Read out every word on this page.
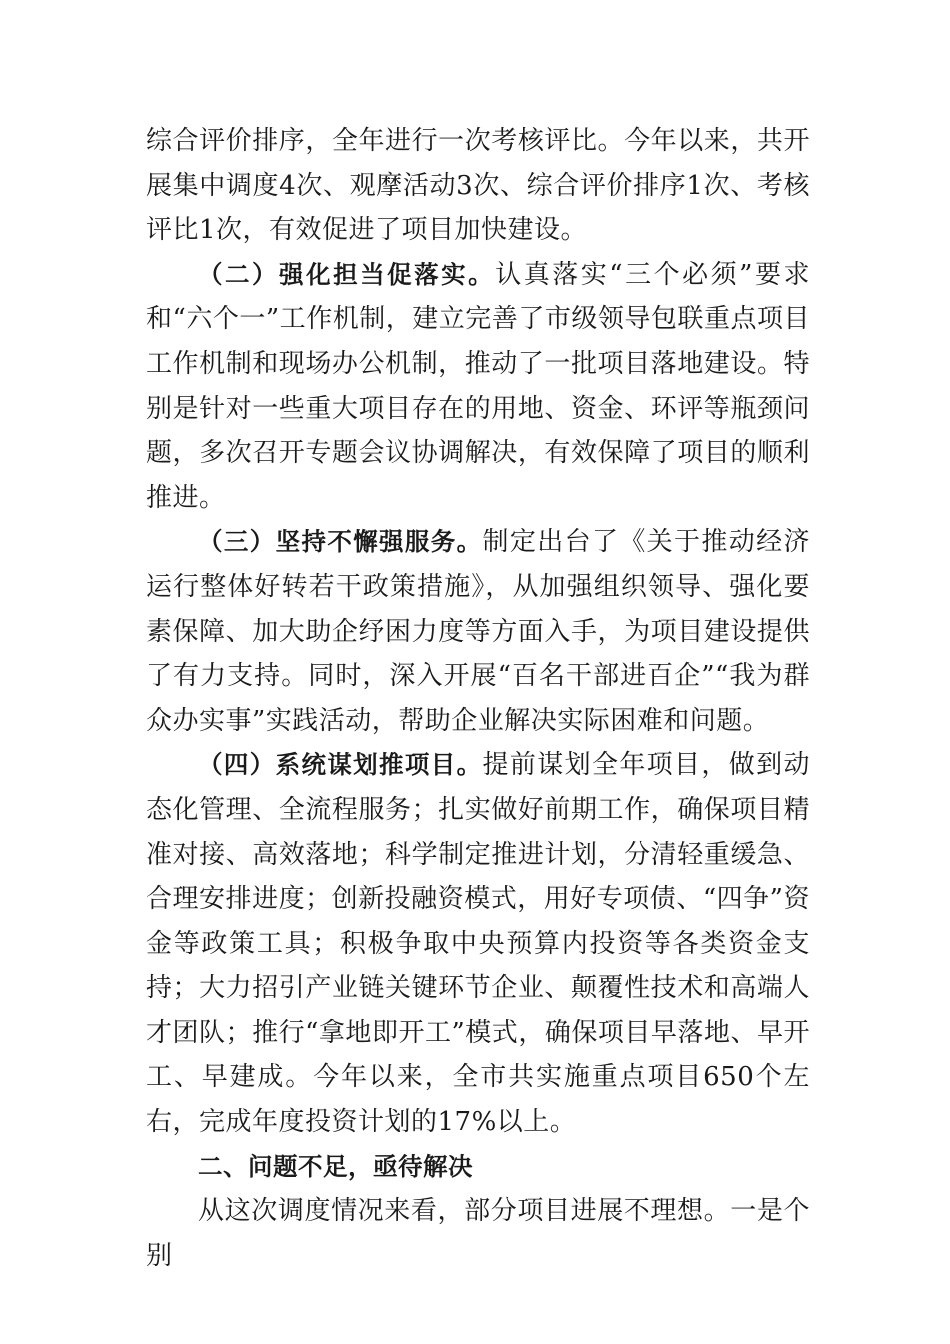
综合评价排序，全年进行一次考核评比。今年以来，共开展集中调度4次、观摩活动3次、综合评价排序1次、考核评比1次，有效促进了项目加快建设。

（二）强化担当促落实。认真落实“三个必须”要求和“六个一”工作机制，建立完善了市级领导包联重点项目工作机制和现场办公机制，推动了一批项目落地建设。特别是针对一些重大项目存在的用地、资金、环评等瓶颈问题，多次召开专题会议协调解决，有效保障了项目的顺利推进。

（三）坚持不懈强服务。制定出台了《关于推动经济运行整体好转若干政策措施》，从加强组织领导、强化要素保障、加大助企纾困力度等方面入手，为项目建设提供了有力支持。同时，深入开展“百名干部进百企”“我为群众办实事”实践活动，帮助企业解决实际困难和问题。

（四）系统谋划推项目。提前谋划全年项目，做到动态化管理、全流程服务；扎实做好前期工作，确保项目精准对接、高效落地；科学制定推进计划，分清轻重缓急、合理安排进度；创新投融资模式，用好专项债、“四争”资金等政策工具；积极争取中央预算内投资等各类资金支持；大力招引产业链关键环节企业、颠覆性技术和高端人才团队；推行“拿地即开工”模式，确保项目早落地、早开工、早建成。今年以来，全市共实施重点项目650个左右，完成年度投资计划的17%以上。

二、问题不足，亟待解决

从这次调度情况来看，部分项目进展不理想。一是个别
